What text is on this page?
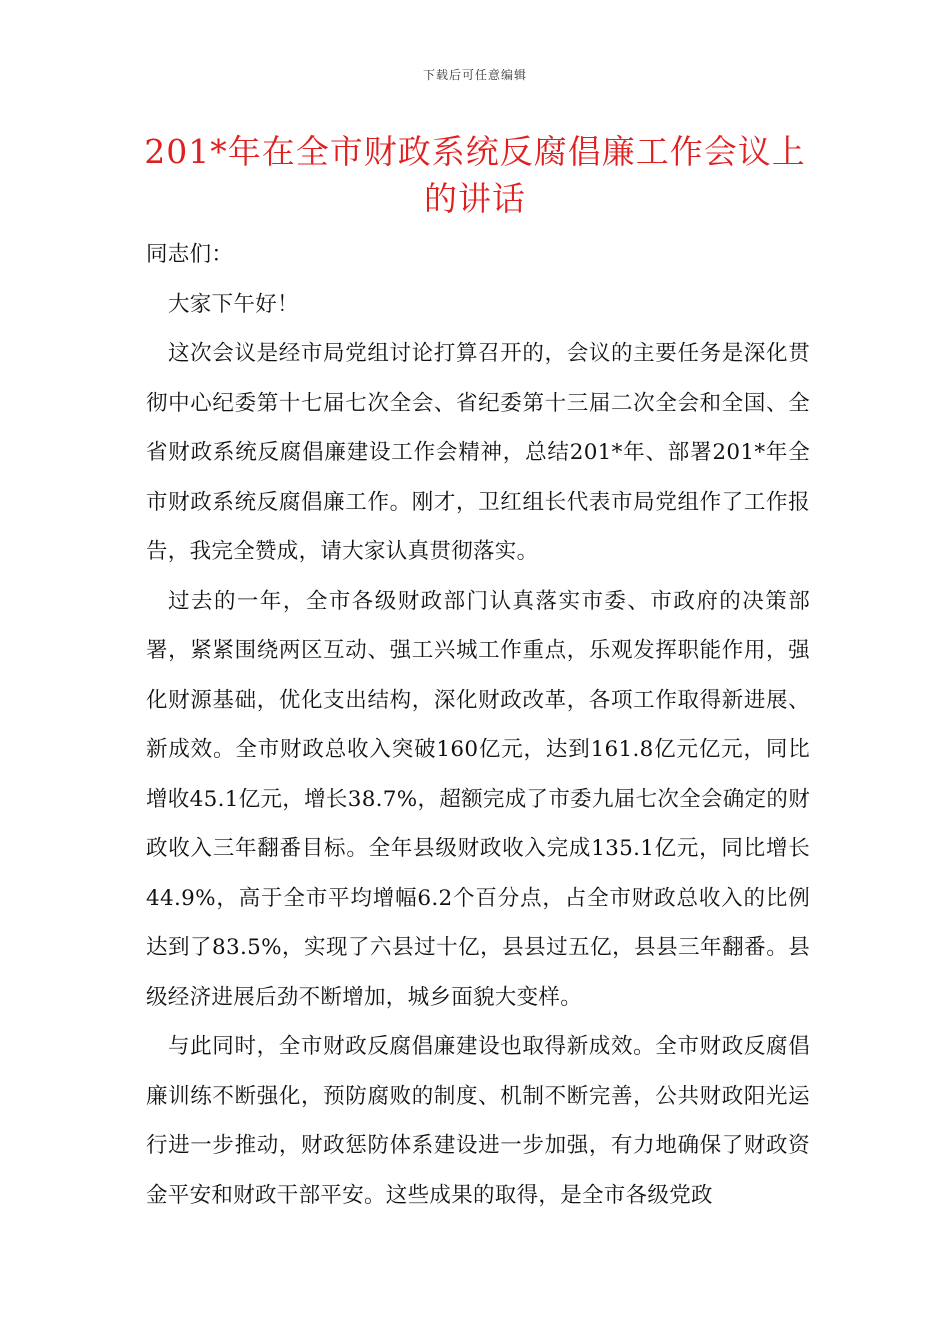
下载后可任意编辑
201*年在全市财政系统反腐倡廉工作会议上的讲话

同志们：

大家下午好！

这次会议是经市局党组讨论打算召开的，会议的主要任务是深化贯彻中心纪委第十七届七次全会、省纪委第十三届二次全会和全国、全省财政系统反腐倡廉建设工作会精神，总结201*年、部署201*年全市财政系统反腐倡廉工作。刚才，卫红组长代表市局党组作了工作报告，我完全赞成，请大家认真贯彻落实。

过去的一年，全市各级财政部门认真落实市委、市政府的决策部署，紧紧围绕两区互动、强工兴城工作重点，乐观发挥职能作用，强化财源基础，优化支出结构，深化财政改革，各项工作取得新进展、新成效。全市财政总收入突破160亿元，达到161.8亿元亿元，同比增收45.1亿元，增长38.7%，超额完成了市委九届七次全会确定的财政收入三年翻番目标。全年县级财政收入完成135.1亿元，同比增长44.9%，高于全市平均增幅6.2个百分点，占全市财政总收入的比例达到了83.5%，实现了六县过十亿，县县过五亿，县县三年翻番。县级经济进展后劲不断增加，城乡面貌大变样。

与此同时，全市财政反腐倡廉建设也取得新成效。全市财政反腐倡廉训练不断强化，预防腐败的制度、机制不断完善，公共财政阳光运行进一步推动，财政惩防体系建设进一步加强，有力地确保了财政资金平安和财政干部平安。这些成果的取得，是全市各级党政
